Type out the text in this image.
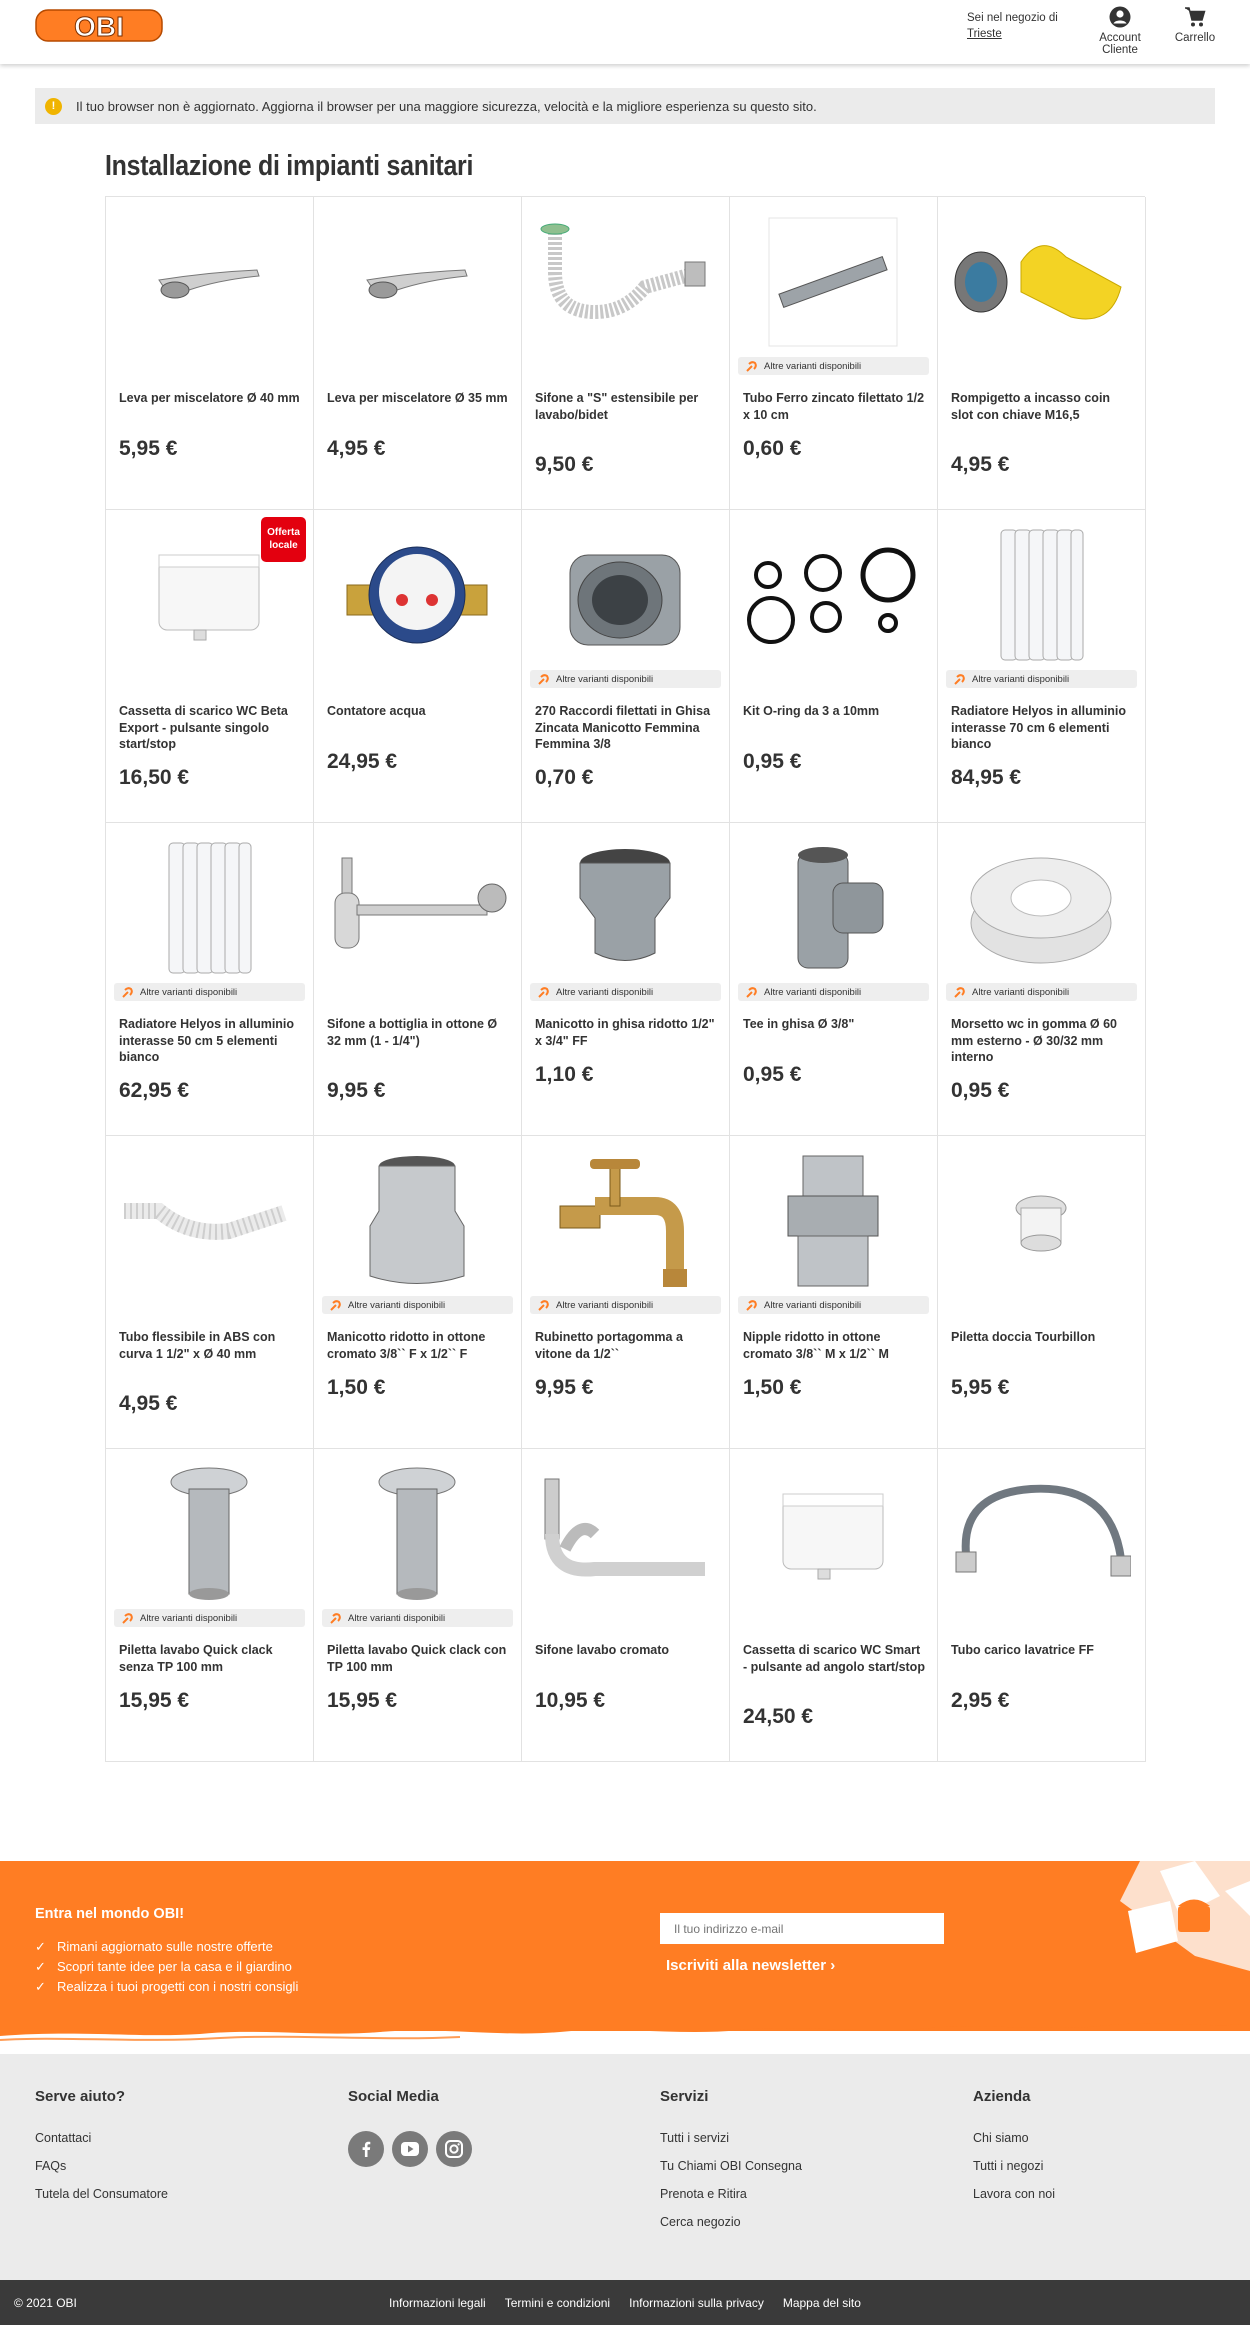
OBI	Sei nel negozio di
Trieste	Account Cliente
Carrello
!	Il tuo browser non è aggiornato. Aggiorna il browser per una maggiore sicurezza, velocità e la migliore esperienza su questo sito.
Installazione di impianti sanitari
Leva per miscelatore Ø 40 mm
5,95 €
Leva per miscelatore Ø 35 mm
4,95 €
Sifone a "S" estensibile per lavabo/bidet
9,50 €
Altre varianti disponibili
Tubo Ferro zincato filettato 1/2 x 10 cm
0,60 €
Rompigetto a incasso coin slot con chiave M16,5
4,95 €
Offerta
locale
Cassetta di scarico WC Beta Export - pulsante singolo start/stop
16,50 €
Contatore acqua
24,95 €
Altre varianti disponibili
270 Raccordi filettati in Ghisa Zincata Manicotto Femmina Femmina 3/8
0,70 €
Kit O-ring da 3 a 10mm
0,95 €
Altre varianti disponibili
Radiatore Helyos in alluminio interasse 70 cm 6 elementi bianco
84,95 €
Altre varianti disponibili
Radiatore Helyos in alluminio interasse 50 cm 5 elementi bianco
62,95 €
Sifone a bottiglia in ottone Ø 32 mm (1 - 1/4")
9,95 €
Altre varianti disponibili
Manicotto in ghisa ridotto 1/2" x 3/4" FF
1,10 €
Altre varianti disponibili
Tee in ghisa Ø 3/8"
0,95 €
Altre varianti disponibili
Morsetto wc in gomma Ø 60 mm esterno - Ø 30/32 mm interno
0,95 €
Tubo flessibile in ABS con curva 1 1/2" x Ø 40 mm
4,95 €
Altre varianti disponibili
Manicotto ridotto in ottone cromato 3/8`` F x 1/2`` F
1,50 €
Altre varianti disponibili
Rubinetto portagomma a vitone da 1/2``
9,95 €
Altre varianti disponibili
Nipple ridotto in ottone cromato 3/8`` M x 1/2`` M
1,50 €
Piletta doccia Tourbillon
5,95 €
Altre varianti disponibili
Piletta lavabo Quick clack senza TP 100 mm
15,95 €
Altre varianti disponibili
Piletta lavabo Quick clack con TP 100 mm
15,95 €
Sifone lavabo cromato
10,95 €
Cassetta di scarico WC Smart - pulsante ad angolo start/stop
24,50 €
Tubo carico lavatrice FF
2,95 €
Entra nel mondo OBI!
✓ Rimani aggiornato sulle nostre offerte
✓ Scopri tante idee per la casa e il giardino
✓ Realizza i tuoi progetti con i nostri consigli
Il tuo indirizzo e-mail
Iscriviti alla newsletter ›
Serve aiuto?
Contattaci
FAQs
Tutela del Consumatore
Social Media	Servizi
Tutti i servizi
Tu Chiami OBI Consegna
Prenota e Ritira
Cerca negozio
Azienda
Chi siamo
Tutti i negozi
Lavora con noi
© 2021 OBI	Informazioni legali Termini e condizioni Informazioni sulla privacy Mappa del sito
